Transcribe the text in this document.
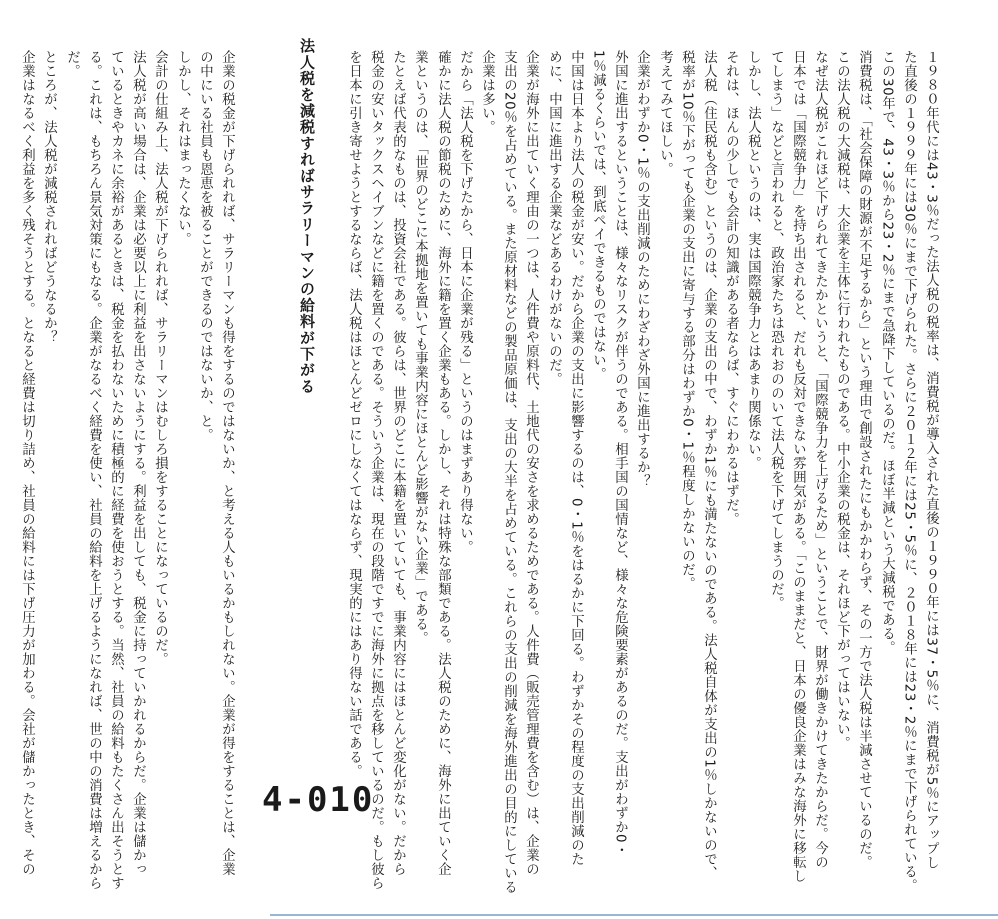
法人税を減税すればサラリーマンの給料が下がる	１９８０年代には43・3％だった法人税の税率は、消費税が導入された直後の１９９０年には37・5％に、消費税が5％にアップし
た直後の１９９９年には30％にまで下げられた。さらに２０１２年には25・5％に、２０１８年には23・2％にまで下げられている。
この30年で、43・3％から23・2％にまで急降下しているのだ。ほぼ半減という大減税である。
消費税は、「社会保障の財源が不足するから」という理由で創設されたにもかかわらず、その一方で法人税は半減させているのだ。
この法人税の大減税は、大企業を主体に行われたものである。中小企業の税金は、それほど下がってはいない。
なぜ法人税がこれほど下げられてきたかというと、「国際競争力を上げるため」ということで、財界が働きかけてきたからだ。今の
日本では「国際競争力」を持ち出されると、だれも反対できない雰囲気がある。「このままだと、日本の優良企業はみな海外に移転し
てしまう」などと言われると、政治家たちは恐れおののいて法人税を下げてしまうのだ。
しかし、法人税というのは、実は国際競争力とはあまり関係ない。
それは、ほんの少しでも会計の知識がある者ならば、すぐにわかるはずだ。
法人税（住民税も含む）というのは、企業の支出の中で、わずか1％にも満たないのである。法人税自体が支出の1％しかないので、
税率が10％下がっても企業の支出に寄与する部分はわずか0・1％程度しかないのだ。
考えてみてほしい。
企業がわずか0・1％の支出削減のためにわざわざ外国に進出するか？
外国に進出するということは、様々なリスクが伴うのである。相手国の国情など、様々な危険要素があるのだ。支出がわずか0・
1％減るくらいでは、到底ペイできるものではない。
中国は日本より法人の税金が安い。だから企業の支出に影響するのは、0・1％をはるかに下回る。わずかその程度の支出削減のた
めに、中国に進出する企業などあるわけがないのだ。
企業が海外に出ていく理由の一つは、人件費や原料代、土地代の安さを求めるためである。人件費（販売管理費を含む）は、企業の
支出の20％を占めている。また原材料などの製品原価は、支出の大半を占めている。これらの支出の削減を海外進出の目的にしている
企業は多い。
だから「法人税を下げたから、日本に企業が残る」というのはまずあり得ない。
確かに法人税の節税のために、海外に籍を置く企業もある。しかし、それは特殊な部類である。法人税のために、海外に出ていく企
業というのは、「世界のどこに本拠地を置いても事業内容にほとんど影響がない企業」である。
たとえば代表的なものは、投資会社である。彼らは、世界のどこに本籍を置いていても、事業内容にはほとんど変化がない。だから
税金の安いタックスヘイブンなどに籍を置くのである。そういう企業は、現在の段階ですでに海外に拠点を移しているのだ。もし彼ら
を日本に引き寄せようとするならば、法人税はほとんどゼロにしなくてはならず、現実的にはあり得ない話である。
企業の税金が下げられれば、サラリーマンも得をするのではないか、と考える人もいるかもしれない。企業が得をすることは、企業
の中にいる社員も恩恵を被ることができるのではないか、と。
しかし、それはまったくない。
会計の仕組み上、法人税が下げられれば、サラリーマンはむしろ損をすることになっているのだ。
法人税が高い場合は、企業は必要以上に利益を出さないようにする。利益を出しても、税金に持っていかれるからだ。企業は儲かっ
ているときやカネに余裕があるときは、税金を払わないために積極的に経費を使おうとする。当然、社員の給料もたくさん出そうとす
る。これは、もちろん景気対策にもなる。企業がなるべく経費を使い、社員の給料を上げるようになれば、世の中の消費は増えるから
だ。
ところが、法人税が減税されればどうなるか？
企業はなるべく利益を多く残そうとする。となると経費は切り詰め、社員の給料には下げ圧力が加わる。会社が儲かったとき、その	4-010
